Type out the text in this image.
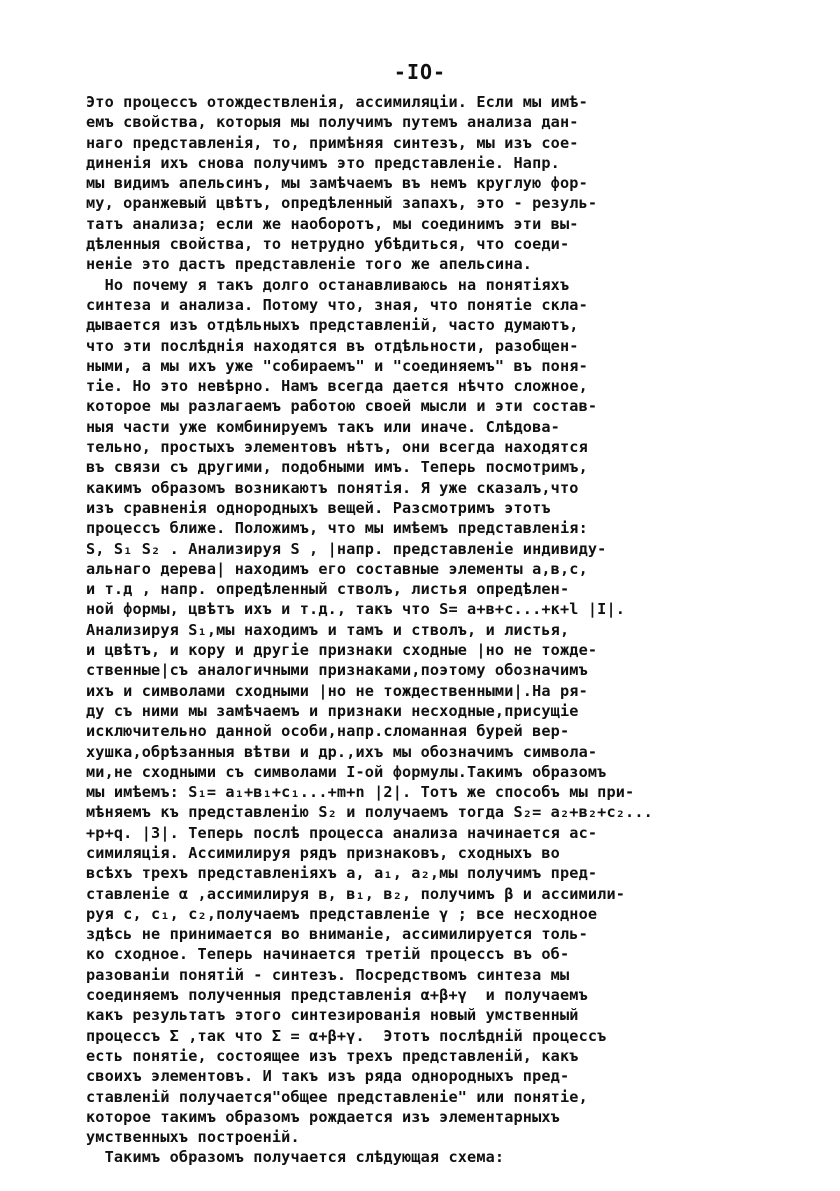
-IO-
Это процессъ отождествленія, ассимиляціи. Если мы имѣ-
емъ свойства, которыя мы получимъ путемъ анализа дан-
наго представленія, то, примѣняя синтезъ, мы изъ сое-
диненія ихъ снова получимъ это представленіе. Напр.
мы видимъ апельсинъ, мы замѣчаемъ въ немъ круглую фор-
му, оранжевый цвѣтъ, опредѣленный запахъ, это - резуль-
татъ анализа; если же наоборотъ, мы соединимъ эти вы-
дѣленныя свойства, то нетрудно убѣдиться, что соеди-
неніе это дастъ представленіе того же апельсина.
Но почему я такъ долго останавливаюсь на понятіяхъ
синтеза и анализа. Потому что, зная, что понятіе скла-
дывается изъ отдѣльныхъ представленій, часто думаютъ,
что эти послѣднія находятся въ отдѣльности, разобщен-
ными, а мы ихъ уже "собираемъ" и "соединяемъ" въ поня-
тіе. Но это невѣрно. Намъ всегда дается нѣчто сложное,
которое мы разлагаемъ работою своей мысли и эти состав-
ныя части уже комбинируемъ такъ или иначе. Слѣдова-
тельно, простыхъ элементовъ нѣтъ, они всегда находятся
въ связи съ другими, подобными имъ. Теперь посмотримъ,
какимъ образомъ возникаютъ понятія. Я уже сказалъ,что
изъ сравненія однородныхъ вещей. Разсмотримъ этотъ
процессъ ближе. Положимъ, что мы имѣемъ представленія:
S, S₁ S₂ . Анализируя S , |напр. представленіе индивиду-
альнаго дерева| находимъ его составные элементы а,в,с,
и т.д , напр. опредѣленный стволъ, листья опредѣлен-
ной формы, цвѣтъ ихъ и т.д., такъ что S= а+в+с...+к+l |I|.
Анализируя S₁,мы находимъ и тамъ и стволъ, и листья,
и цвѣтъ, и кору и другіе признаки сходные |но не тожде-
ственные|съ аналогичными признаками,поэтому обозначимъ
ихъ и символами сходными |но не тождественными|.На ря-
ду съ ними мы замѣчаемъ и признаки несходные,присущіе
исключительно данной особи,напр.сломанная бурей вер-
хушка,обрѣзанныя вѣтви и др.,ихъ мы обозначимъ символа-
ми,не сходными съ символами I-ой формулы.Такимъ образомъ
мы имѣемъ: S₁= а₁+в₁+с₁...+m+n |2|. Тотъ же способъ мы при-
мѣняемъ къ представленію S₂ и получаемъ тогда S₂= а₂+в₂+с₂...
+p+q. |3|. Теперь послѣ процесса анализа начинается ас-
симиляція. Ассимилируя рядъ признаковъ, сходныхъ во
всѣхъ трехъ представленіяхъ а, а₁, а₂,мы получимъ пред-
ставленіе α ,ассимилируя в, в₁, в₂, получимъ β и ассимили-
руя с, с₁, с₂,получаемъ представленіе γ ; все несходное
здѣсь не принимается во вниманіе, ассимилируется толь-
ко сходное. Теперь начинается третій процессъ въ об-
разованіи понятій - синтезъ. Посредствомъ синтеза мы
соединяемъ полученныя представленія α+β+γ  и получаемъ
какъ результатъ этого синтезированія новый умственный
процессъ Σ ,так что Σ = α+β+γ.  Этотъ послѣдній процессъ
есть понятіе, состоящее изъ трехъ представленій, какъ
своихъ элементовъ. И такъ изъ ряда однородныхъ пред-
ставленій получается"общее представленіе" или понятіе,
которое такимъ образомъ рождается изъ элементарныхъ
умственныхъ построеній.
Такимъ образомъ получается слѣдующая схема:
